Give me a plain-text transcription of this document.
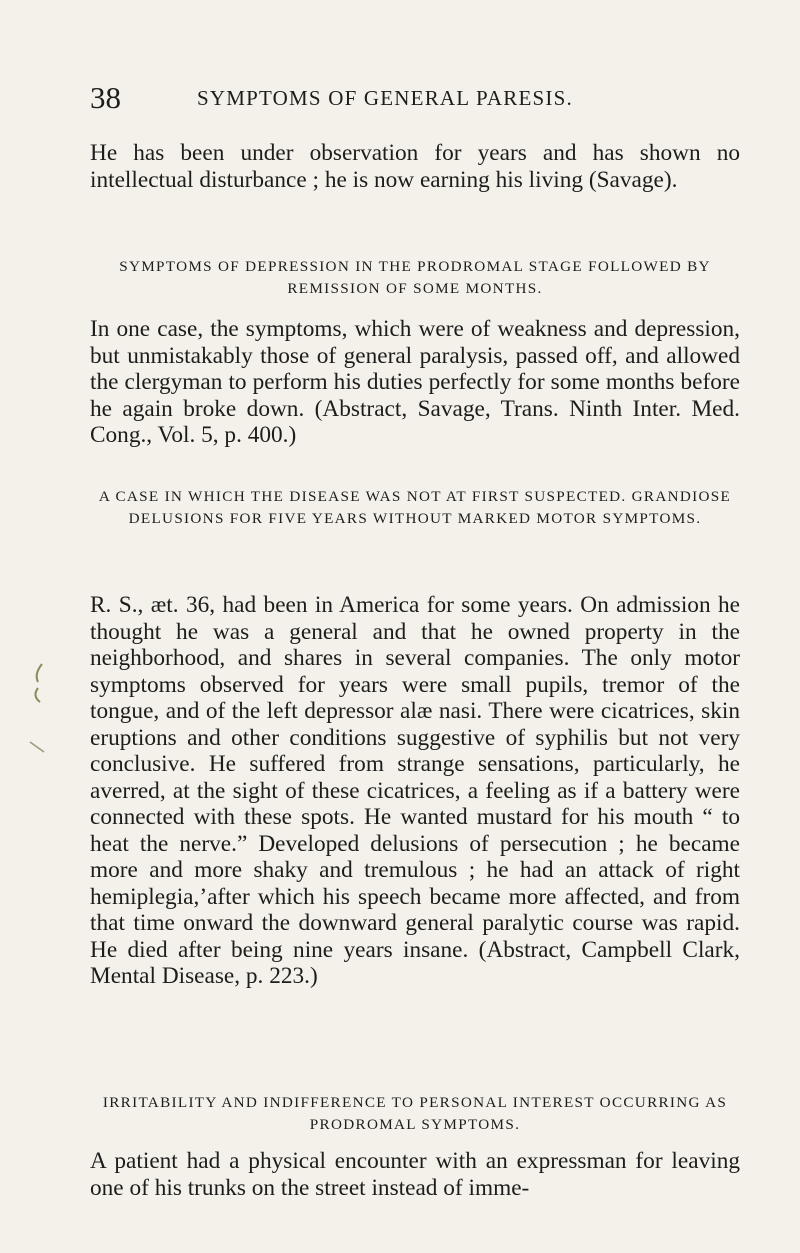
38	SYMPTOMS OF GENERAL PARESIS.

He has been under observation for years and has shown no intellectual disturbance ; he is now earning his living (Savage).

SYMPTOMS OF DEPRESSION IN THE PRODROMAL STAGE FOLLOWED BY REMISSION OF SOME MONTHS.

In one case, the symptoms, which were of weakness and depression, but unmistakably those of general paralysis, passed off, and allowed the clergyman to perform his duties perfectly for some months before he again broke down. (Abstract, Savage, Trans. Ninth Inter. Med. Cong., Vol. 5, p. 400.)

A CASE IN WHICH THE DISEASE WAS NOT AT FIRST SUSPECTED. GRANDIOSE DELUSIONS FOR FIVE YEARS WITHOUT MARKED MOTOR SYMPTOMS.

R. S., æt. 36, had been in America for some years. On admission he thought he was a general and that he owned property in the neighborhood, and shares in several companies. The only motor symptoms observed for years were small pupils, tremor of the tongue, and of the left depressor alæ nasi. There were cicatrices, skin eruptions and other conditions suggestive of syphilis but not very conclusive. He suffered from strange sensations, particularly, he averred, at the sight of these cicatrices, a feeling as if a battery were connected with these spots. He wanted mustard for his mouth “ to heat the nerve.” Developed delusions of persecution ; he became more and more shaky and tremulous ; he had an attack of right hemiplegia,ʼafter which his speech became more affected, and from that time onward the downward general paralytic course was rapid. He died after being nine years insane. (Abstract, Campbell Clark, Mental Disease, p. 223.)

IRRITABILITY AND INDIFFERENCE TO PERSONAL INTEREST OCCURRING AS PRODROMAL SYMPTOMS.

A patient had a physical encounter with an expressman for leaving one of his trunks on the street instead of imme-
